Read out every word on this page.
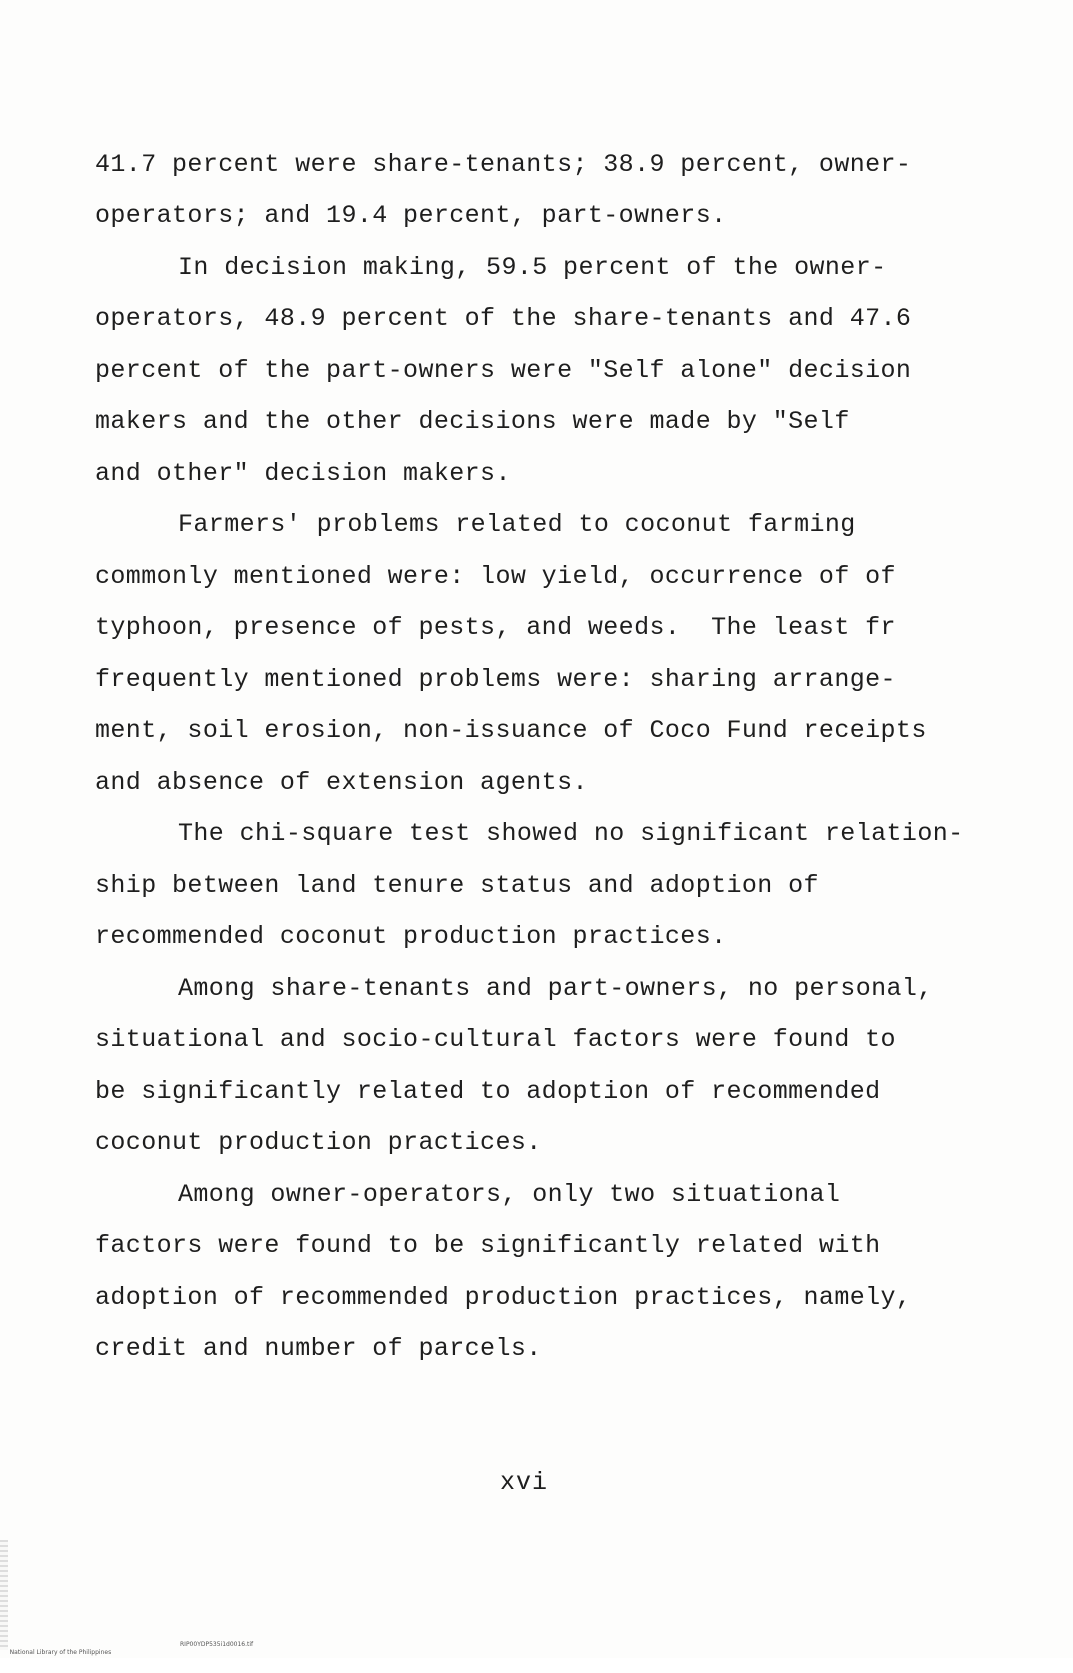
41.7 percent were share-tenants; 38.9 percent, owner-
operators; and 19.4 percent, part-owners.
In decision making, 59.5 percent of the owner-
operators, 48.9 percent of the share-tenants and 47.6
percent of the part-owners were "Self alone" decision
makers and the other decisions were made by "Self
and other" decision makers.
Farmers' problems related to coconut farming
commonly mentioned were: low yield, occurrence of of
typhoon, presence of pests, and weeds.  The least fr
frequently mentioned problems were: sharing arrange-
ment, soil erosion, non-issuance of Coco Fund receipts
and absence of extension agents.
The chi-square test showed no significant relation-
ship between land tenure status and adoption of
recommended coconut production practices.
Among share-tenants and part-owners, no personal,
situational and socio-cultural factors were found to
be significantly related to adoption of recommended
coconut production practices.
Among owner-operators, only two situational
factors were found to be significantly related with
adoption of recommended production practices, namely,
credit and number of parcels.
xvi

National Library of the Philippines

RIP00YDP535i1d0016.tif
